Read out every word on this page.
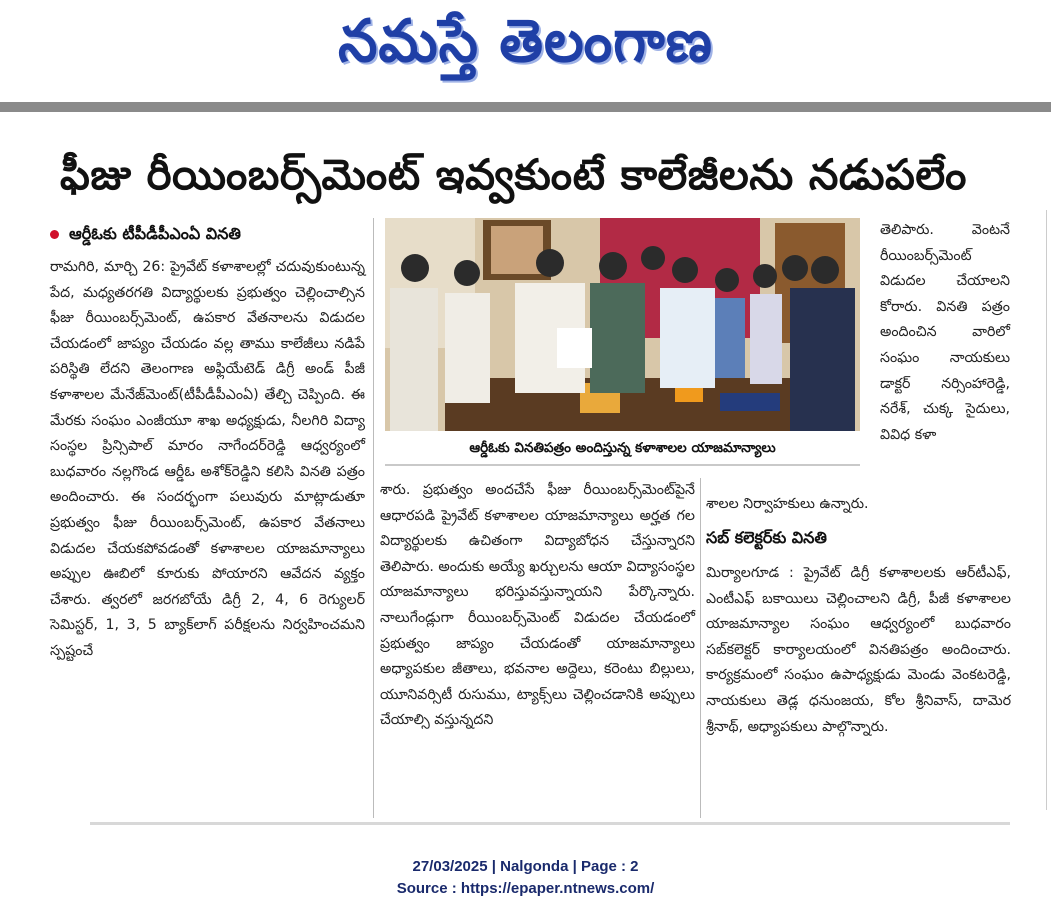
నమస్తే తెలంగాణ
ఫీజు రీయింబర్స్‌మెంట్ ఇవ్వకుంటే కాలేజీలను నడుపలేం
ఆర్డీఓకు టీపీడీపీఎంఏ వినతి
రామగిరి, మార్చి 26: ప్రైవేట్ కళాశాలల్లో చదువుకుంటున్న పేద, మధ్యతరగతి విద్యార్థులకు ప్రభుత్వం చెల్లించాల్సిన ఫీజు రీయింబర్స్‌మెంట్, ఉపకార వేతనాలను విడుదల చేయడంలో జాప్యం చేయడం వల్ల తాము కాలేజీలు నడిపే పరిస్థితి లేదని తెలంగాణ అఫ్లియేటెడ్ డిగ్రీ అండ్ పీజీ కళాశాలల మేనేజ్‌మెంట్(టీపీడీపీఎంఏ) తేల్చి చెప్పింది. ఈ మేరకు సంఘం ఎంజీయూ శాఖ అధ్యక్షుడు, నీలగిరి విద్యా సంస్థల ప్రిన్సిపాల్ మారం నాగేందర్‌రెడ్డి ఆధ్వర్యంలో బుధవారం నల్లగొండ ఆర్డీఓ అశోక్‌రెడ్డిని కలిసి వినతి పత్రం అందించారు. ఈ సందర్భంగా పలువురు మాట్లాడుతూ ప్రభుత్వం ఫీజు రీయింబర్స్‌మెంట్, ఉపకార వేతనాలు విడుదల చేయకపోవడంతో కళాశాలల యాజమాన్యాలు అప్పుల ఊబిలో కూరుకు పోయారని ఆవేదన వ్యక్తం చేశారు. త్వరలో జరగబోయే డిగ్రీ 2, 4, 6 రెగ్యులర్ సెమిస్టర్, 1, 3, 5 బ్యాక్‌లాగ్ పరీక్షలను నిర్వహించమని స్పష్టంచే
ఆర్డీఓకు వినతిపత్రం అందిస్తున్న కళాశాలల యాజమాన్యాలు
తెలిపారు. వెంటనే రీయింబర్స్‌మెంట్ విడుదల చేయాలని కోరారు. వినతి పత్రం అందించిన వారిలో సంఘం నాయకులు డాక్టర్ నర్సింహారెడ్డి, నరేశ్, చుక్క సైదులు, వివిధ కళా
శారు. ప్రభుత్వం అందచేసే ఫీజు రీయింబర్స్‌మెంట్‌పైనే ఆధారపడి ప్రైవేట్ కళాశాలల యాజమాన్యాలు అర్హత గల విద్యార్థులకు ఉచితంగా విద్యాబోధన చేస్తున్నారని తెలిపారు. అందుకు అయ్యే ఖర్చులను ఆయా విద్యాసంస్థల యాజమాన్యాలు భరిస్తువస్తున్నాయని పేర్కొన్నారు. నాలుగేండ్లుగా రీయింబర్స్‌మెంట్ విడుదల చేయడంలో ప్రభుత్వం జాప్యం చేయడంతో యాజమాన్యాలు అధ్యాపకుల జీతాలు, భవనాల అద్దెలు, కరెంటు బిల్లులు, యూనివర్సిటీ రుసుము, ట్యాక్స్‌లు చెల్లించడానికి అప్పులు చేయాల్సి వస్తున్నదని
శాలల నిర్వాహకులు ఉన్నారు.
సబ్ కలెక్టర్‌కు వినతి
మిర్యాలగూడ : ప్రైవేట్ డిగ్రీ కళాశాలలకు ఆర్‌టీఎఫ్, ఎంటీఎఫ్ బకాయిలు చెల్లించాలని డిగ్రీ, పీజీ కళాశాలల యాజమాన్యాల సంఘం ఆధ్వర్యంలో బుధవారం సబ్‌కలెక్టర్ కార్యాలయంలో వినతిపత్రం అందించారు. కార్యక్రమంలో సంఘం ఉపాధ్యక్షుడు మెండు వెంకటరెడ్డి, నాయకులు తెడ్ల ధనుంజయ, కోల శ్రీనివాస్, దామెర శ్రీనాథ్, అధ్యాపకులు పాల్గొన్నారు.
27/03/2025 | Nalgonda | Page : 2
Source : https://epaper.ntnews.com/
